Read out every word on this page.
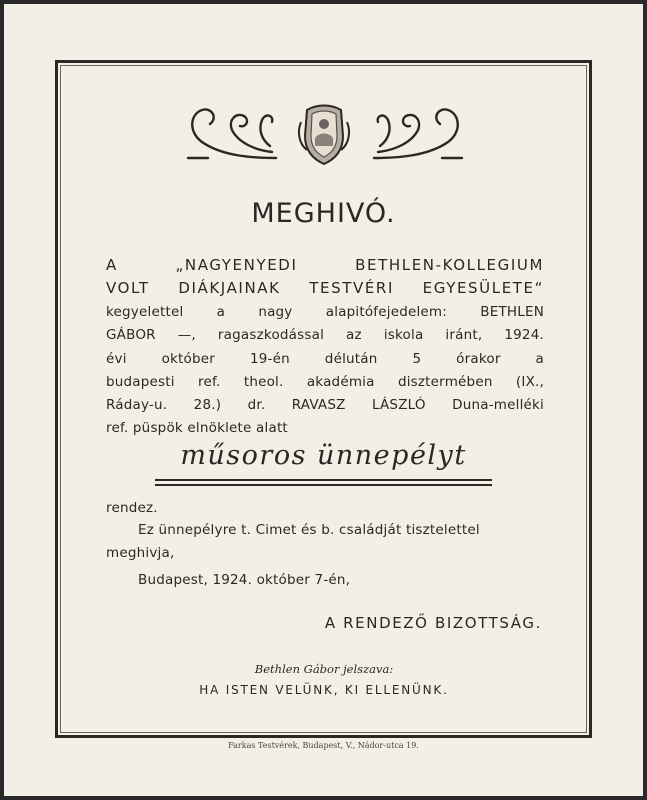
MEGHIVÓ.
A „NAGYENYEDI BETHLEN-KOLLEGIUM
VOLT DIÁKJAINAK TESTVÉRI EGYESÜLETE“
kegyelettel a nagy alapitófejedelem: BETHLEN
GÁBOR —, ragaszkodással az iskola iránt, 1924.
évi október 19-én délután 5 órakor a
budapesti ref. theol. akadémia disztermében (IX.,
Ráday-u. 28.) dr. RAVASZ LÁSZLÓ Duna-melléki
ref. püspök elnöklete alatt
műsoros ünnepélyt
rendez.
Ez ünnepélyre t. Cimet és b. családját tisztelettel
meghivja,
Budapest, 1924. október 7-én,
A RENDEZŐ BIZOTTSÁG.
Bethlen Gábor jelszava:
HA ISTEN VELÜNK, KI ELLENÜNK.
Farkas Testvérek, Budapest, V., Nádor-utca 19.
